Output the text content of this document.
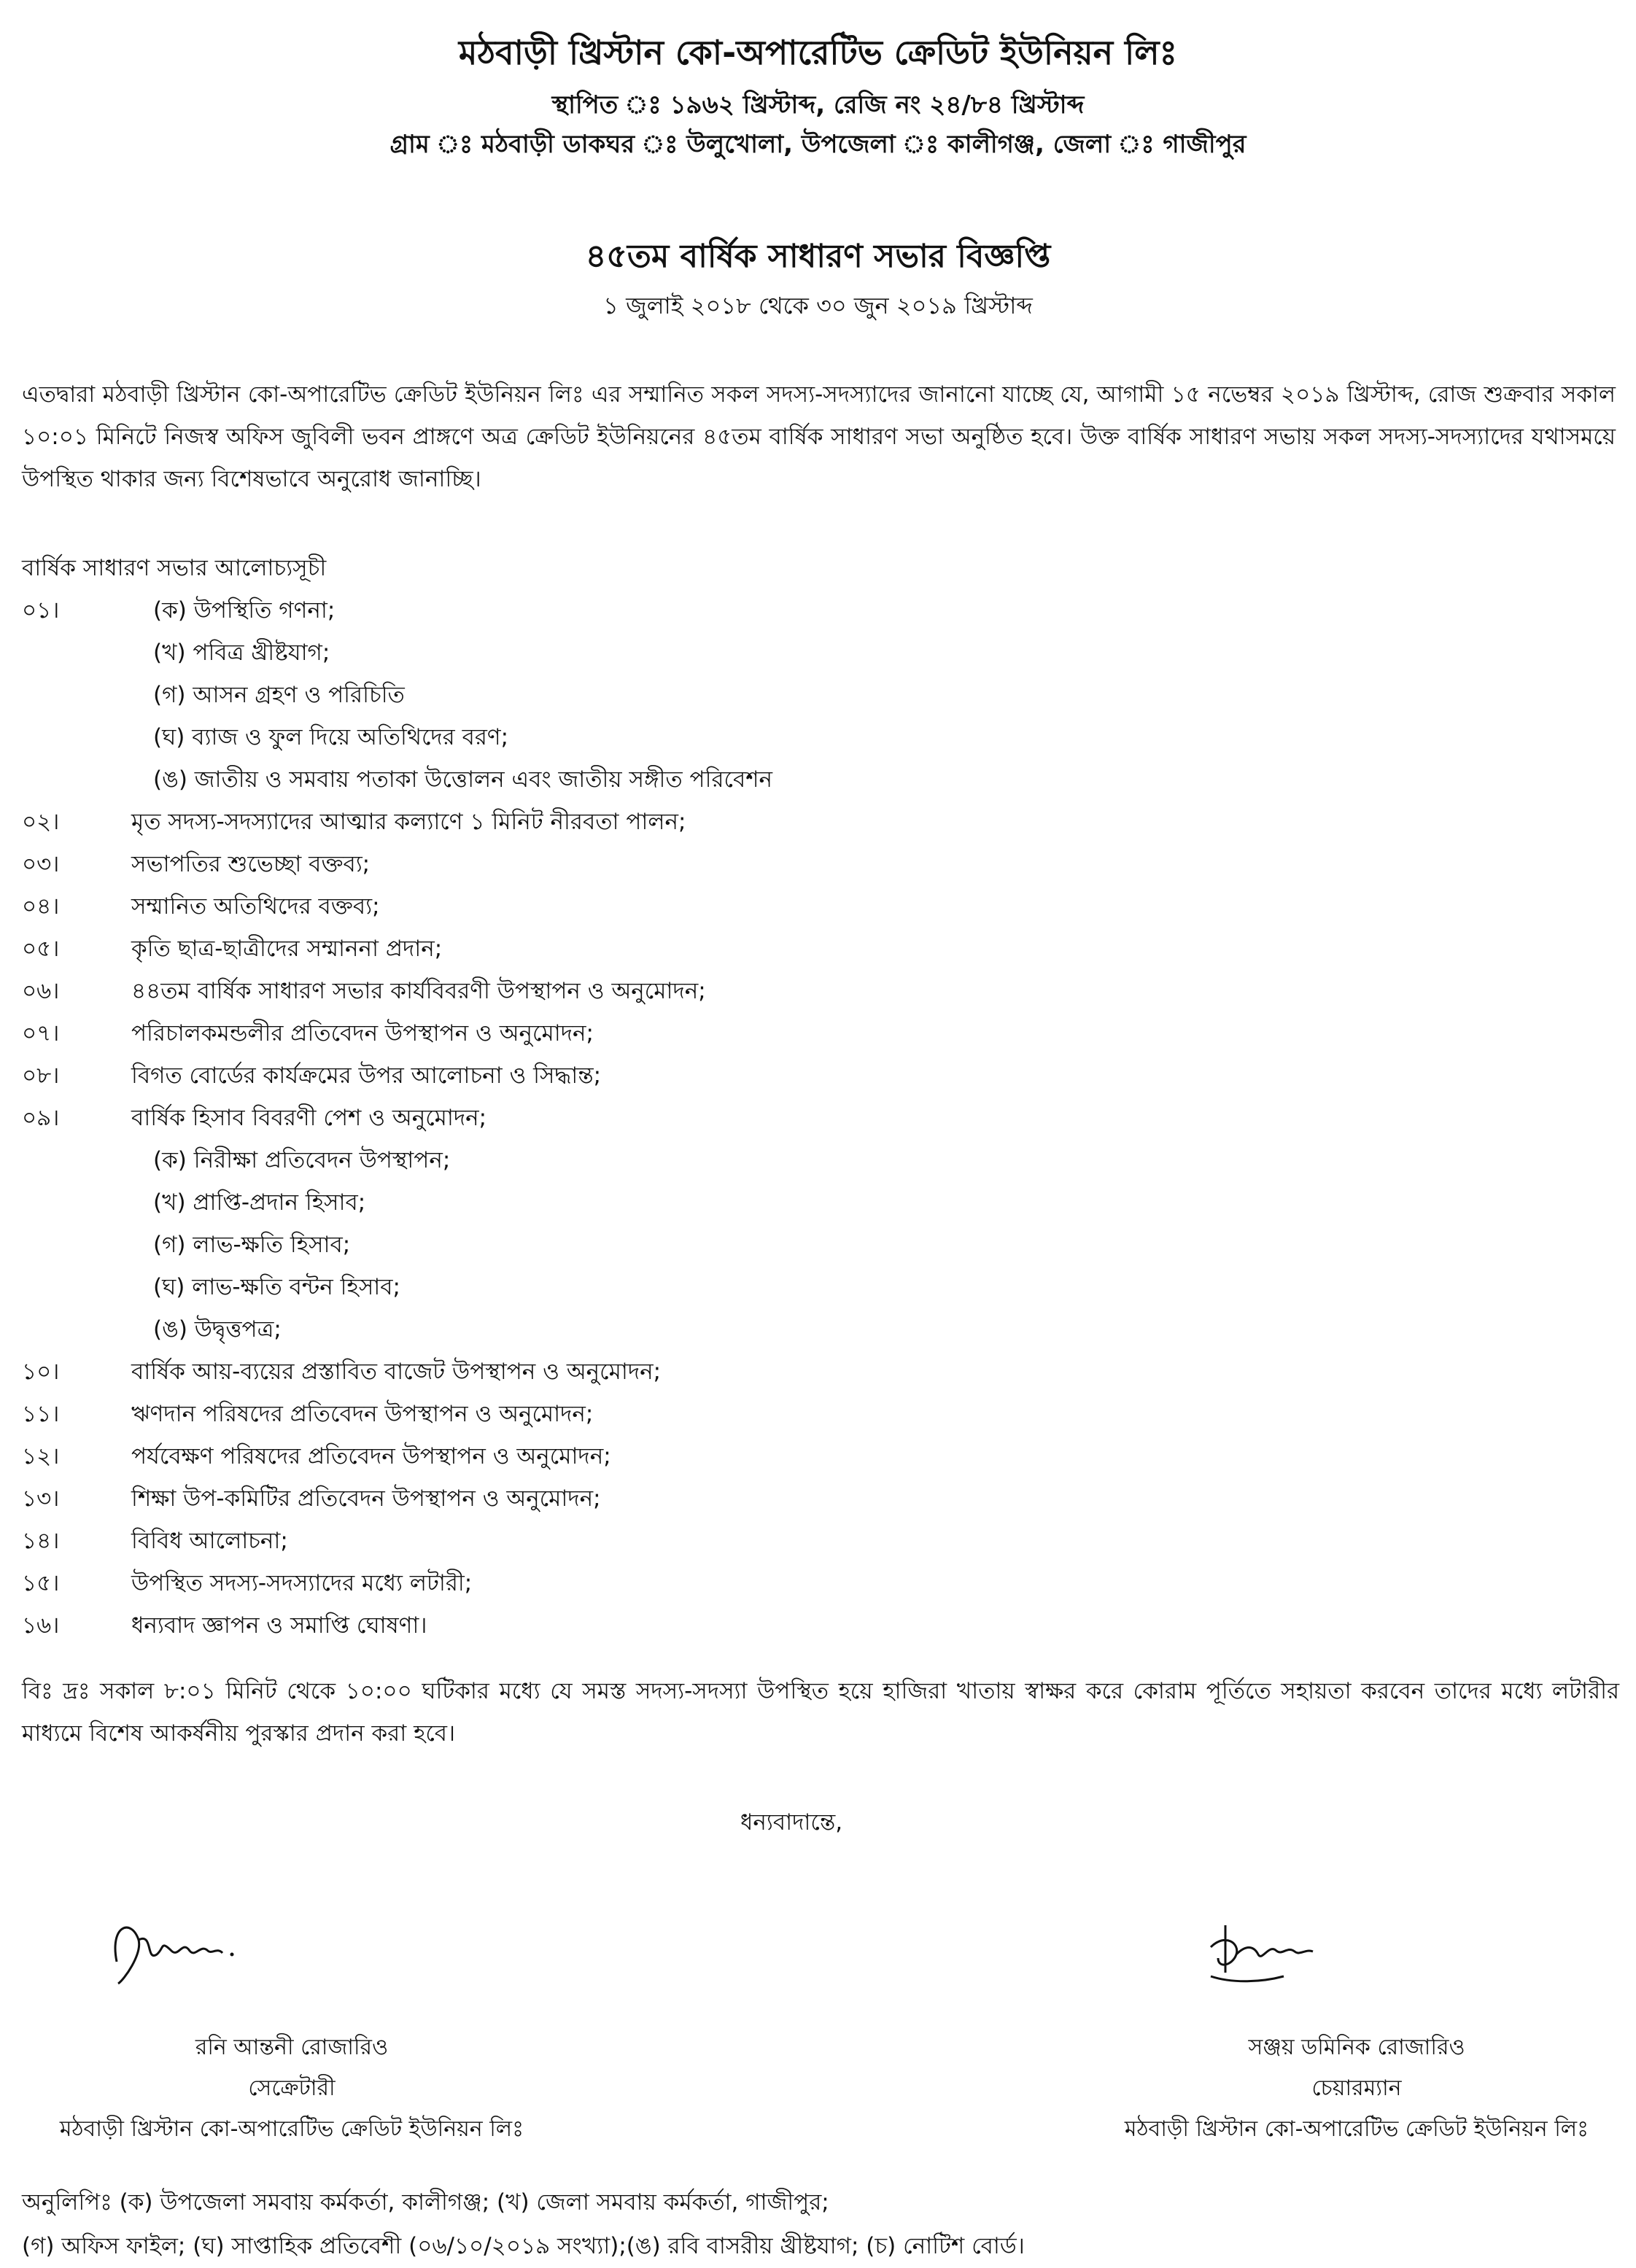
মঠবাড়ী খ্রিস্টান কো-অপারেটিভ ক্রেডিট ইউনিয়ন লিঃ
স্থাপিত ঃ ১৯৬২ খ্রিস্টাব্দ, রেজি নং ২৪/৮৪ খ্রিস্টাব্দ
গ্রাম ঃ মঠবাড়ী ডাকঘর ঃ উলুখোলা, উপজেলা ঃ কালীগঞ্জ, জেলা ঃ গাজীপুর
৪৫তম বার্ষিক সাধারণ সভার বিজ্ঞপ্তি
১ জুলাই ২০১৮ থেকে ৩০ জুন ২০১৯ খ্রিস্টাব্দ

এতদ্বারা মঠবাড়ী খ্রিস্টান কো-অপারেটিভ ক্রেডিট ইউনিয়ন লিঃ এর সম্মানিত সকল সদস্য-সদস্যাদের জানানো যাচ্ছে যে, আগামী ১৫ নভেম্বর ২০১৯ খ্রিস্টাব্দ, রোজ শুক্রবার সকাল ১০:০১ মিনিটে নিজস্ব অফিস জুবিলী ভবন প্রাঙ্গণে অত্র ক্রেডিট ইউনিয়নের ৪৫তম বার্ষিক সাধারণ সভা অনুষ্ঠিত হবে। উক্ত বার্ষিক সাধারণ সভায় সকল সদস্য-সদস্যাদের যথাসময়ে উপস্থিত থাকার জন্য বিশেষভাবে অনুরোধ জানাচ্ছি।

বার্ষিক সাধারণ সভার আলোচ্যসূচী
০১।	(ক) উপস্থিতি গণনা;
(খ) পবিত্র খ্রীষ্টযাগ;
(গ) আসন গ্রহণ ও পরিচিতি
(ঘ) ব্যাজ ও ফুল দিয়ে অতিথিদের বরণ;
(ঙ) জাতীয় ও সমবায় পতাকা উত্তোলন এবং জাতীয় সঙ্গীত পরিবেশন
০২।	মৃত সদস্য-সদস্যাদের আত্মার কল্যাণে ১ মিনিট নীরবতা পালন;
০৩।	সভাপতির শুভেচ্ছা বক্তব্য;
০৪।	সম্মানিত অতিথিদের বক্তব্য;
০৫।	কৃতি ছাত্র-ছাত্রীদের সম্মাননা প্রদান;
০৬।	৪৪তম বার্ষিক সাধারণ সভার কার্যবিবরণী উপস্থাপন ও অনুমোদন;
০৭।	পরিচালকমন্ডলীর প্রতিবেদন উপস্থাপন ও অনুমোদন;
০৮।	বিগত বোর্ডের কার্যক্রমের উপর আলোচনা ও সিদ্ধান্ত;
০৯।	বার্ষিক হিসাব বিবরণী পেশ ও অনুমোদন;
(ক) নিরীক্ষা প্রতিবেদন উপস্থাপন;
(খ) প্রাপ্তি-প্রদান হিসাব;
(গ) লাভ-ক্ষতি হিসাব;
(ঘ) লাভ-ক্ষতি বন্টন হিসাব;
(ঙ) উদ্বৃত্তপত্র;
১০।	বার্ষিক আয়-ব্যয়ের প্রস্তাবিত বাজেট উপস্থাপন ও অনুমোদন;
১১।	ঋণদান পরিষদের প্রতিবেদন উপস্থাপন ও অনুমোদন;
১২।	পর্যবেক্ষণ পরিষদের প্রতিবেদন উপস্থাপন ও অনুমোদন;
১৩।	শিক্ষা উপ-কমিটির প্রতিবেদন উপস্থাপন ও অনুমোদন;
১৪।	বিবিধ আলোচনা;
১৫।	উপস্থিত সদস্য-সদস্যাদের মধ্যে লটারী;
১৬।	ধন্যবাদ জ্ঞাপন ও সমাপ্তি ঘোষণা।

বিঃ দ্রঃ সকাল ৮:০১ মিনিট থেকে ১০:০০ ঘটিকার মধ্যে যে সমস্ত সদস্য-সদস্যা উপস্থিত হয়ে হাজিরা খাতায় স্বাক্ষর করে কোরাম পূর্তিতে সহায়তা করবেন তাদের মধ্যে লটারীর মাধ্যমে বিশেষ আকর্ষনীয় পুরস্কার প্রদান করা হবে।

ধন্যবাদান্তে,
রনি আন্তনী রোজারিও
সেক্রেটারী
মঠবাড়ী খ্রিস্টান কো-অপারেটিভ ক্রেডিট ইউনিয়ন লিঃ
সঞ্জয় ডমিনিক রোজারিও
চেয়ারম্যান
মঠবাড়ী খ্রিস্টান কো-অপারেটিভ ক্রেডিট ইউনিয়ন লিঃ
অনুলিপিঃ (ক) উপজেলা সমবায় কর্মকর্তা, কালীগঞ্জ; (খ) জেলা সমবায় কর্মকর্তা, গাজীপুর;
(গ) অফিস ফাইল; (ঘ) সাপ্তাহিক প্রতিবেশী (০৬/১০/২০১৯ সংখ্যা);(ঙ) রবি বাসরীয় খ্রীষ্টযাগ; (চ) নোটিশ বোর্ড।
